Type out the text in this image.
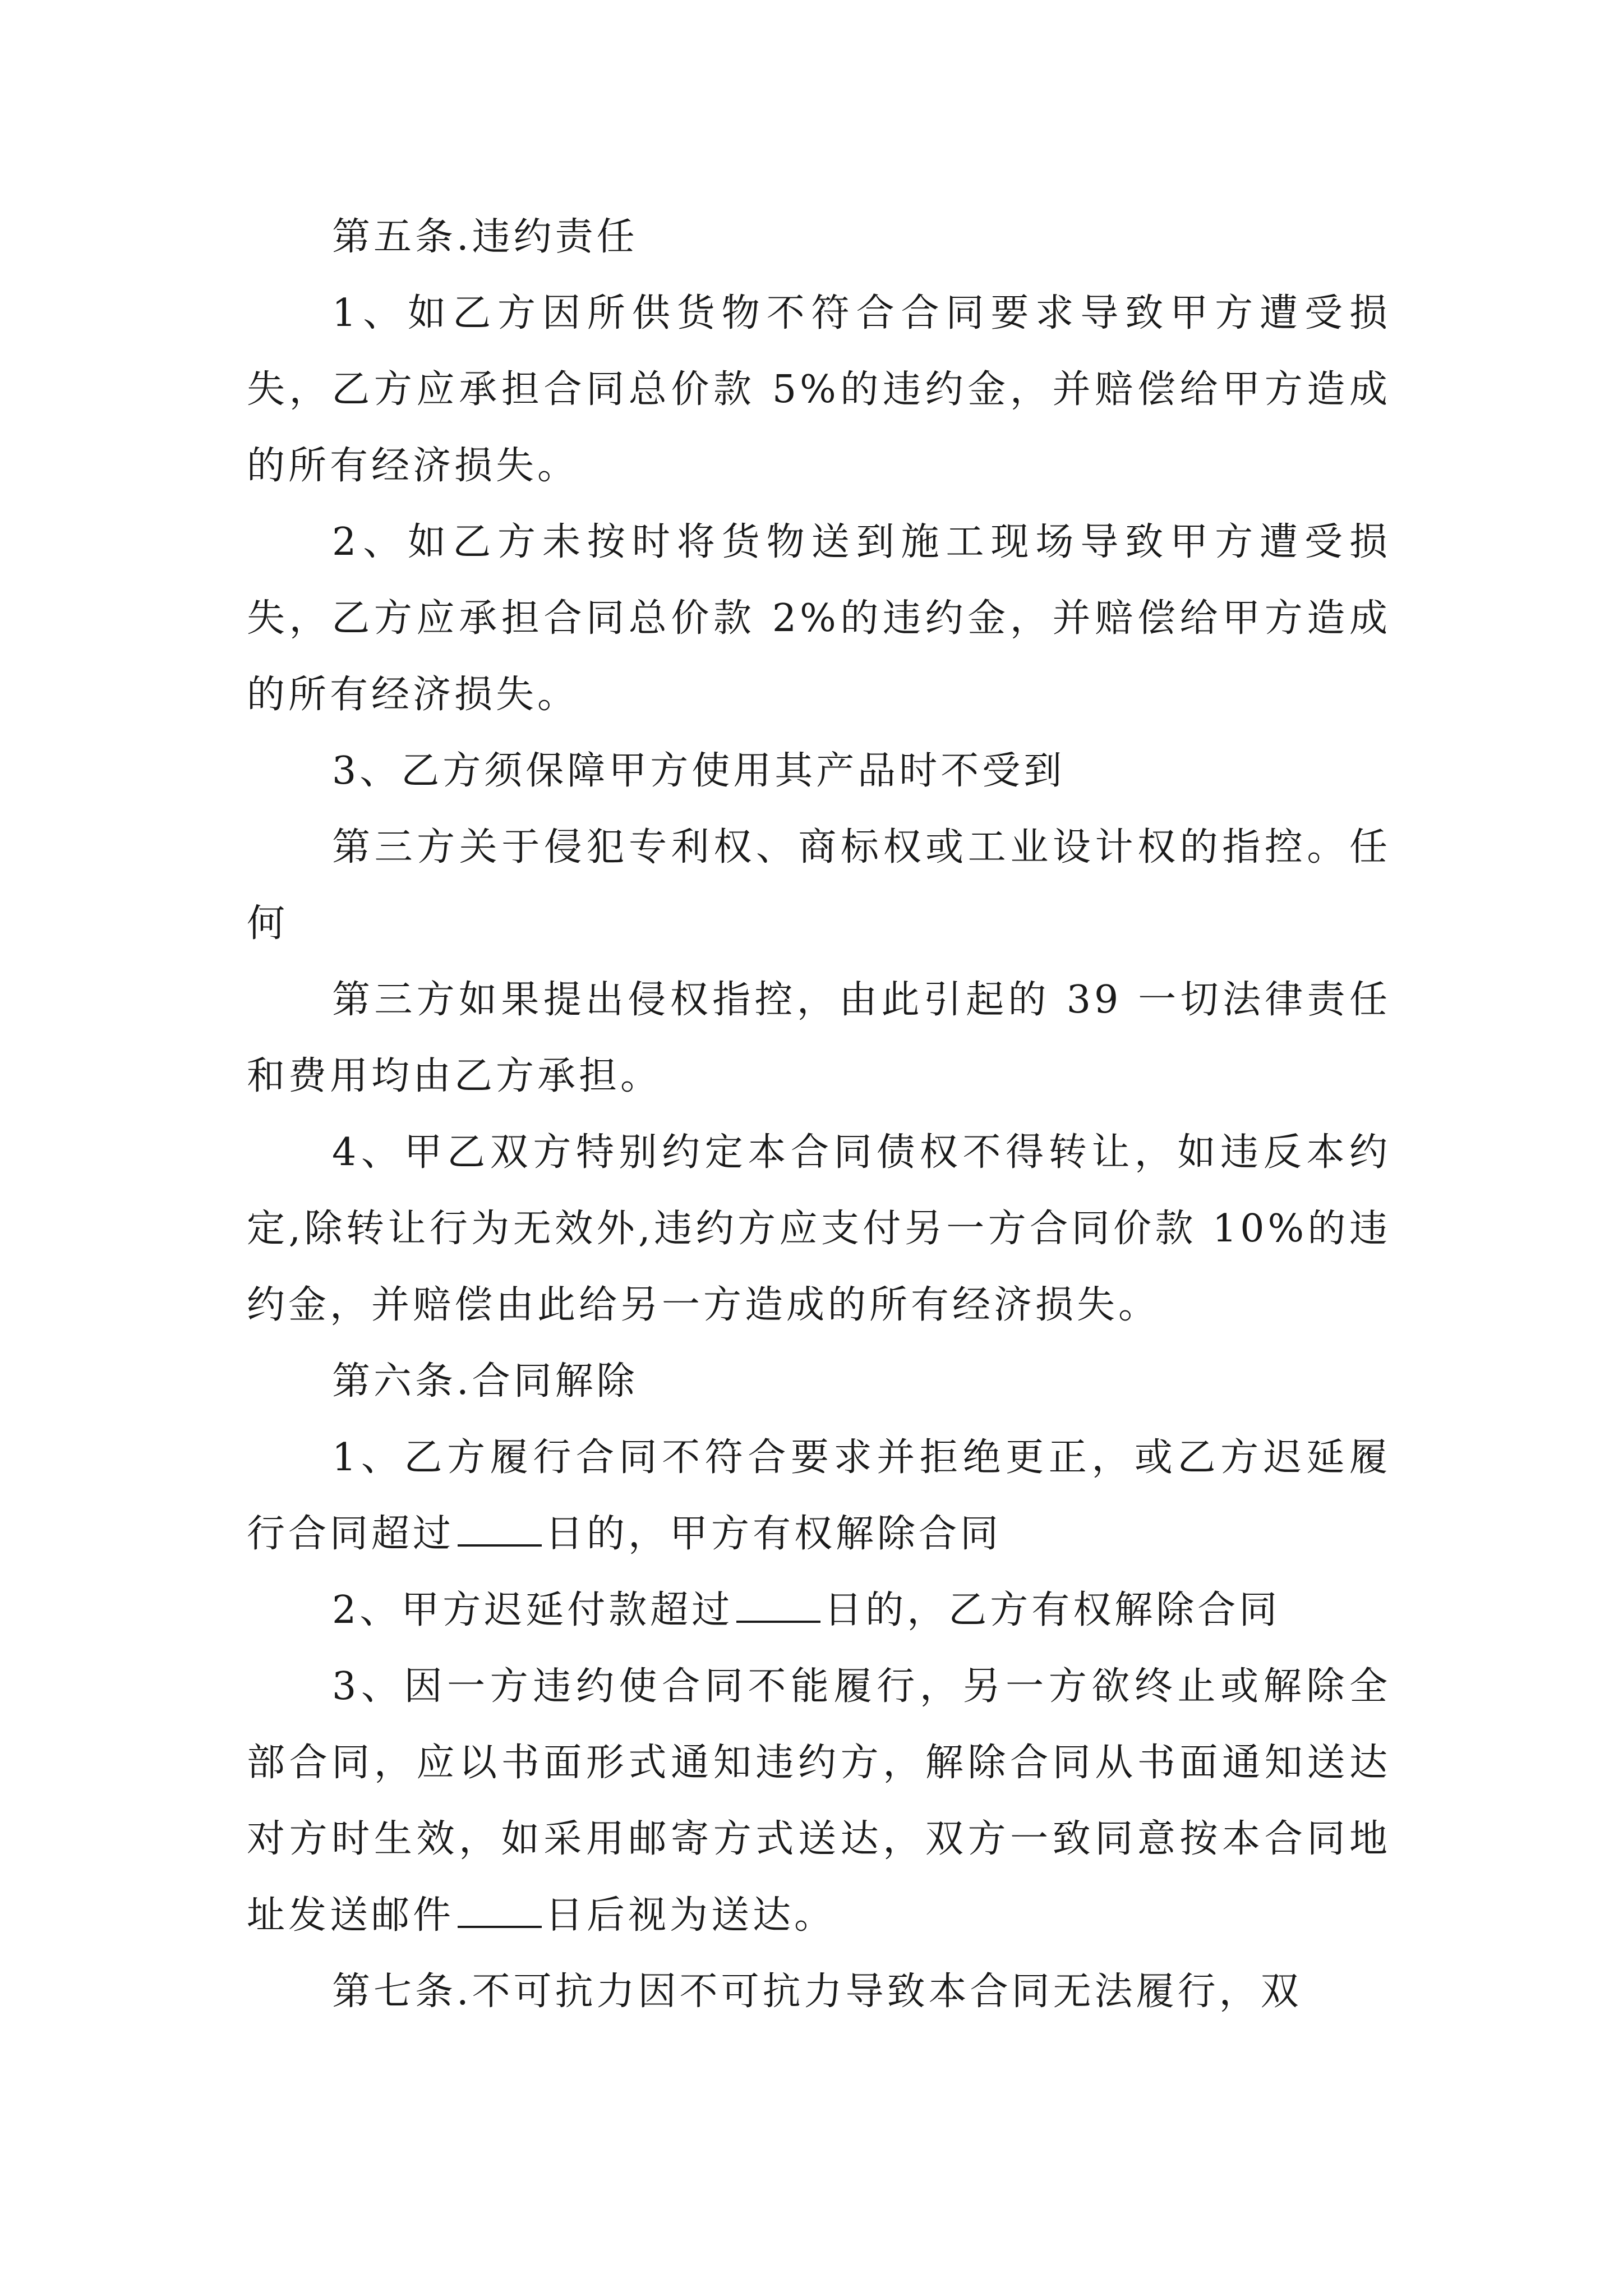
第五条.违约责任

1、如乙方因所供货物不符合合同要求导致甲方遭受损失，乙方应承担合同总价款 5%的违约金，并赔偿给甲方造成的所有经济损失。

2、如乙方未按时将货物送到施工现场导致甲方遭受损失，乙方应承担合同总价款 2%的违约金，并赔偿给甲方造成的所有经济损失。

3、乙方须保障甲方使用其产品时不受到

第三方关于侵犯专利权、商标权或工业设计权的指控。任何

第三方如果提出侵权指控，由此引起的 39 一切法律责任和费用均由乙方承担。

4、甲乙双方特别约定本合同债权不得转让，如违反本约定,除转让行为无效外,违约方应支付另一方合同价款 10%的违约金，并赔偿由此给另一方造成的所有经济损失。

第六条.合同解除

1、乙方履行合同不符合要求并拒绝更正，或乙方迟延履行合同超过 日的，甲方有权解除合同

2、甲方迟延付款超过 日的，乙方有权解除合同

3、因一方违约使合同不能履行，另一方欲终止或解除全部合同，应以书面形式通知违约方，解除合同从书面通知送达对方时生效，如采用邮寄方式送达，双方一致同意按本合同地址发送邮件 日后视为送达。

第七条.不可抗力因不可抗力导致本合同无法履行，双
